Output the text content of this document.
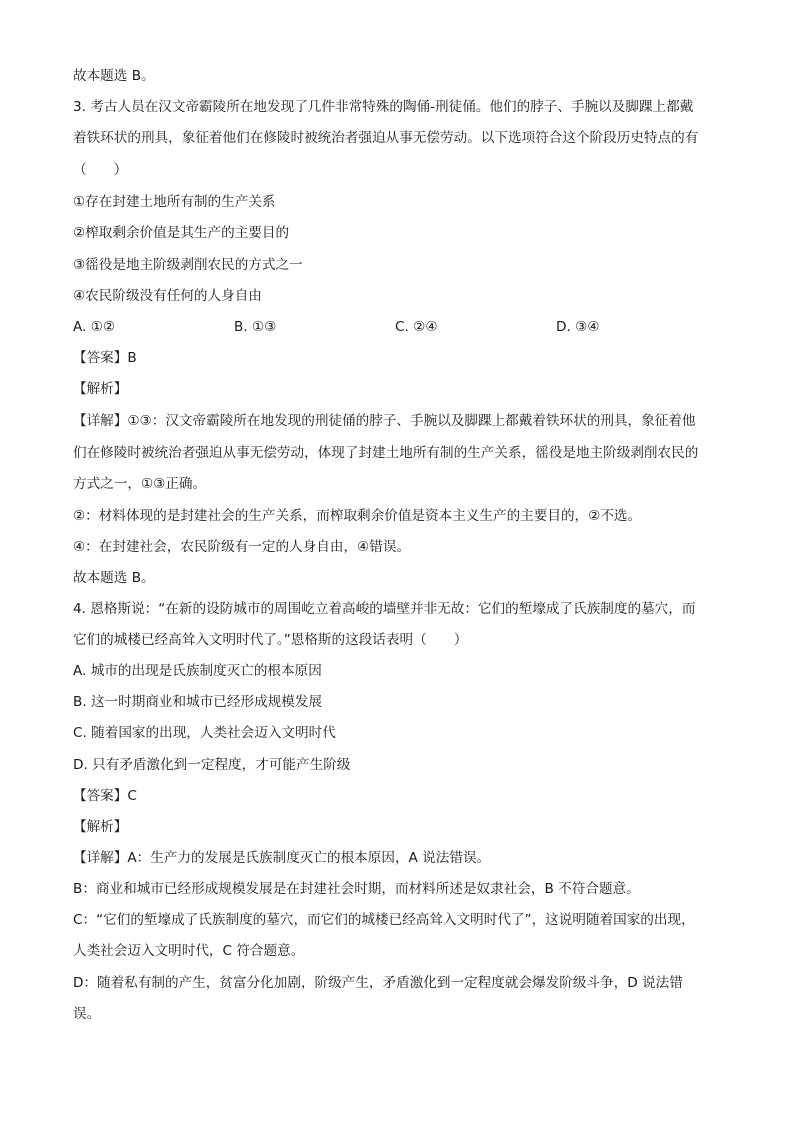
故本题选 B。
3. 考古人员在汉文帝霸陵所在地发现了几件非常特殊的陶俑-刑徒俑。他们的脖子、手腕以及脚踝上都戴
着铁环状的刑具，象征着他们在修陵时被统治者强迫从事无偿劳动。以下选项符合这个阶段历史特点的有
（　　）
①存在封建土地所有制的生产关系
②榨取剩余价值是其生产的主要目的
③徭役是地主阶级剥削农民的方式之一
④农民阶级没有任何的人身自由
A. ①②	B. ①③	C. ②④	D. ③④
【答案】B
【解析】
【详解】①③：汉文帝霸陵所在地发现的刑徒俑的脖子、手腕以及脚踝上都戴着铁环状的刑具，象征着他
们在修陵时被统治者强迫从事无偿劳动，体现了封建土地所有制的生产关系，徭役是地主阶级剥削农民的
方式之一，①③正确。
②：材料体现的是封建社会的生产关系，而榨取剩余价值是资本主义生产的主要目的，②不选。
④：在封建社会，农民阶级有一定的人身自由，④错误。
故本题选 B。
4. 恩格斯说：“在新的设防城市的周围屹立着高峻的墙壁并非无故：它们的堑壕成了氏族制度的墓穴，而
它们的城楼已经高耸入文明时代了。”恩格斯的这段话表明（　　）
A. 城市的出现是氏族制度灭亡的根本原因
B. 这一时期商业和城市已经形成规模发展
C. 随着国家的出现，人类社会迈入文明时代
D. 只有矛盾激化到一定程度，才可能产生阶级
【答案】C
【解析】
【详解】A：生产力的发展是氏族制度灭亡的根本原因，A 说法错误。
B：商业和城市已经形成规模发展是在封建社会时期，而材料所述是奴隶社会，B 不符合题意。
C：“它们的堑壕成了氏族制度的墓穴，而它们的城楼已经高耸入文明时代了”，这说明随着国家的出现，
人类社会迈入文明时代，C 符合题意。
D：随着私有制的产生，贫富分化加剧，阶级产生，矛盾激化到一定程度就会爆发阶级斗争，D 说法错
误。
